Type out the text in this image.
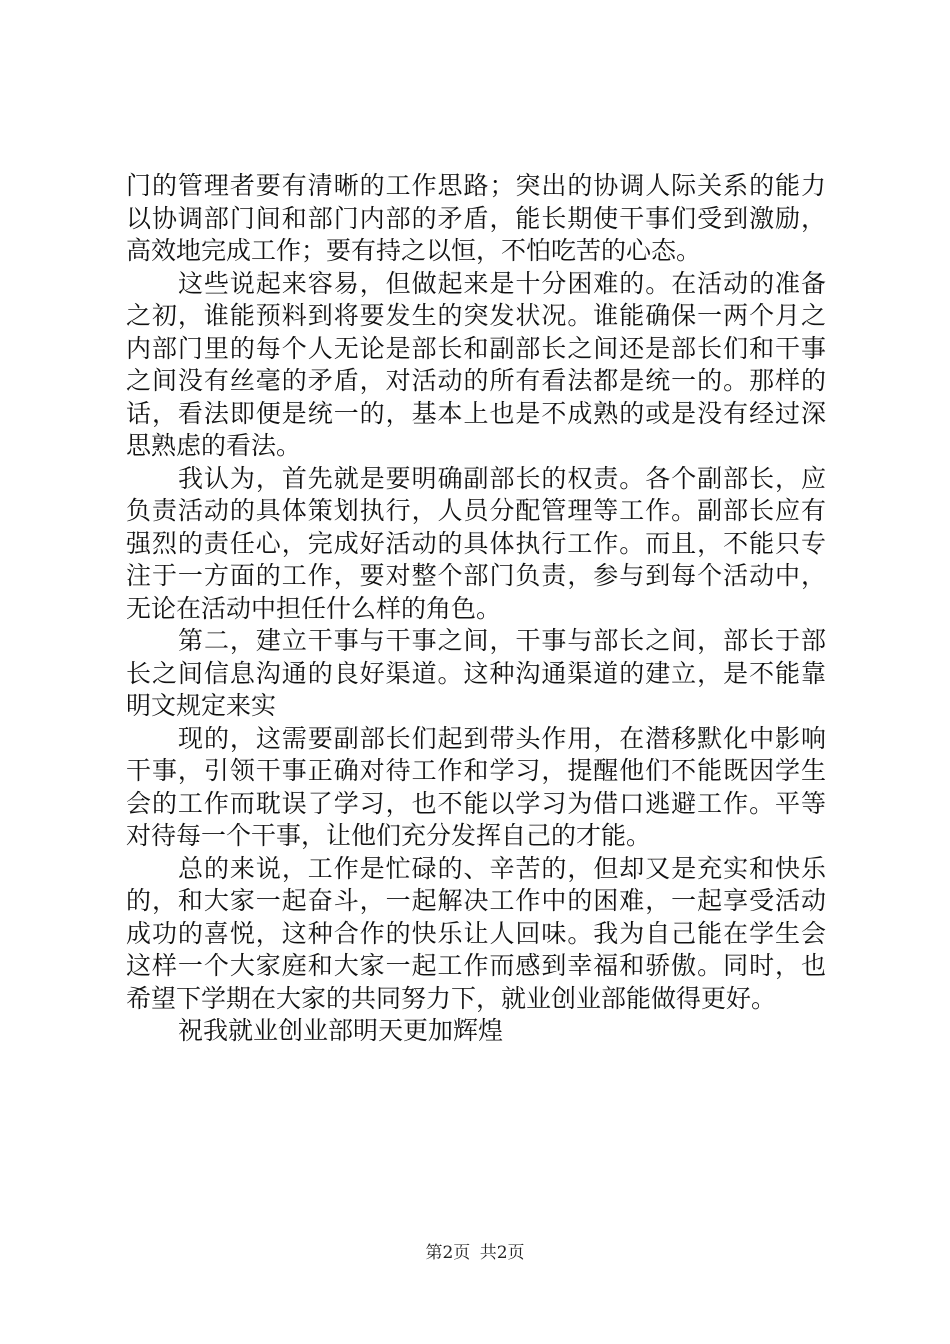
门的管理者要有清晰的工作思路；突出的协调人际关系的能力
以协调部门间和部门内部的矛盾，能长期使干事们受到激励，
高效地完成工作；要有持之以恒，不怕吃苦的心态。
这些说起来容易，但做起来是十分困难的。在活动的准备
之初，谁能预料到将要发生的突发状况。谁能确保一两个月之
内部门里的每个人无论是部长和副部长之间还是部长们和干事
之间没有丝毫的矛盾，对活动的所有看法都是统一的。那样的
话，看法即便是统一的，基本上也是不成熟的或是没有经过深
思熟虑的看法。
我认为，首先就是要明确副部长的权责。各个副部长，应
负责活动的具体策划执行，人员分配管理等工作。副部长应有
强烈的责任心，完成好活动的具体执行工作。而且，不能只专
注于一方面的工作，要对整个部门负责，参与到每个活动中，
无论在活动中担任什么样的角色。
第二，建立干事与干事之间，干事与部长之间，部长于部
长之间信息沟通的良好渠道。这种沟通渠道的建立，是不能靠
明文规定来实
现的，这需要副部长们起到带头作用，在潜移默化中影响
干事，引领干事正确对待工作和学习，提醒他们不能既因学生
会的工作而耽误了学习，也不能以学习为借口逃避工作。平等
对待每一个干事，让他们充分发挥自己的才能。
总的来说，工作是忙碌的、辛苦的，但却又是充实和快乐
的，和大家一起奋斗，一起解决工作中的困难，一起享受活动
成功的喜悦，这种合作的快乐让人回味。我为自己能在学生会
这样一个大家庭和大家一起工作而感到幸福和骄傲。同时，也
希望下学期在大家的共同努力下，就业创业部能做得更好。
祝我就业创业部明天更加辉煌
第2页 共2页
